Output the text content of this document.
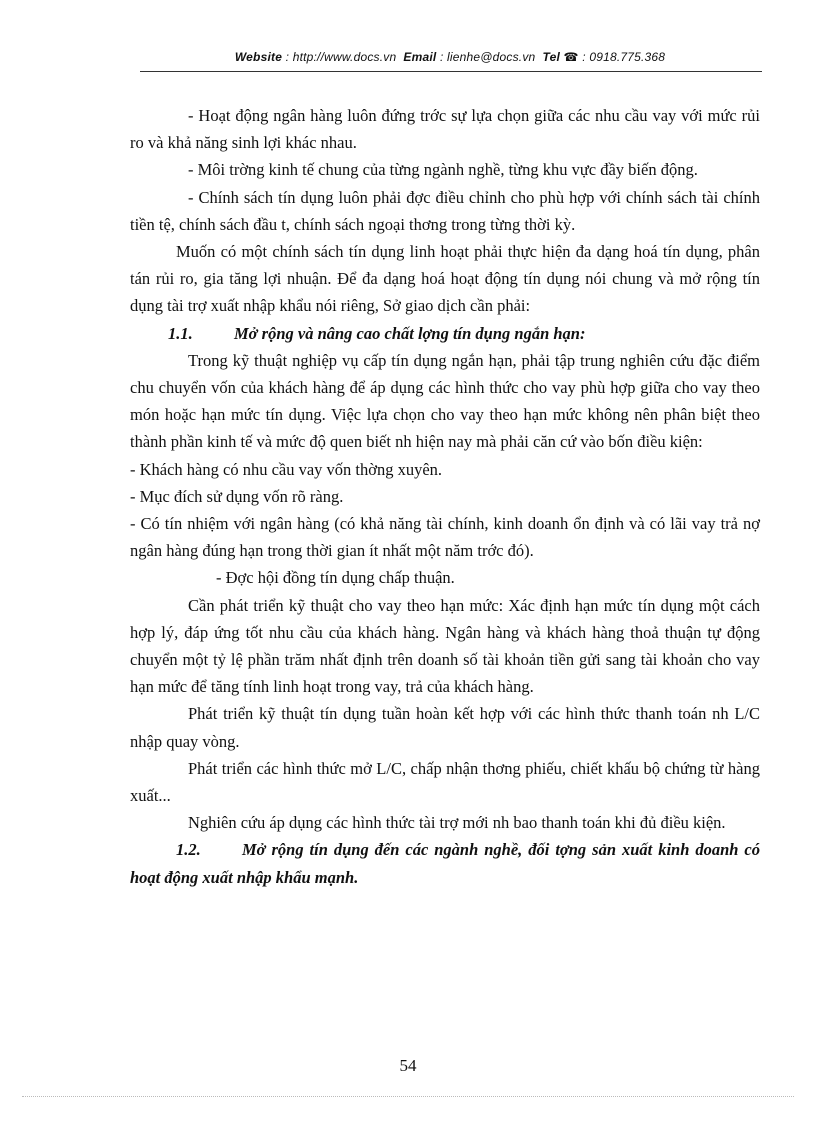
Website : http://www.docs.vn Email : lienhe@docs.vn Tel ☎ : 0918.775.368

- Hoạt động ngân hàng luôn đứng trớc sự lựa chọn giữa các nhu cầu vay với mức rủi ro và khả năng sinh lợi khác nhau.

- Môi trờng kinh tế chung của từng ngành nghề, từng khu vực đầy biến động.

- Chính sách tín dụng luôn phải đợc điều chỉnh cho phù hợp với chính sách tài chính tiền tệ, chính sách đầu t, chính sách ngoại thơng trong từng thời kỳ.

Muốn có một chính sách tín dụng linh hoạt phải thực hiện đa dạng hoá tín dụng, phân tán rủi ro, gia tăng lợi nhuận. Để đa dạng hoá hoạt động tín dụng nói chung và mở rộng tín dụng tài trợ xuất nhập khẩu nói riêng, Sở giao dịch cần phải:

1.1.	Mở rộng và nâng cao chất lợng tín dụng ngắn hạn:

Trong kỹ thuật nghiệp vụ cấp tín dụng ngắn hạn, phải tập trung nghiên cứu đặc điểm chu chuyển vốn của khách hàng để áp dụng các hình thức cho vay phù hợp giữa cho vay theo món hoặc hạn mức tín dụng. Việc lựa chọn cho vay theo hạn mức không nên phân biệt theo thành phần kinh tế và mức độ quen biết nh hiện nay mà phải căn cứ vào bốn điều kiện:

- Khách hàng có nhu cầu vay vốn thờng xuyên.

- Mục đích sử dụng vốn rõ ràng.

- Có tín nhiệm với ngân hàng (có khả năng tài chính, kinh doanh ổn định và có lãi vay trả nợ ngân hàng đúng hạn trong thời gian ít nhất một năm trớc đó).

- Đợc hội đồng tín dụng chấp thuận.

Cần phát triển kỹ thuật cho vay theo hạn mức: Xác định hạn mức tín dụng một cách hợp lý, đáp ứng tốt nhu cầu của khách hàng. Ngân hàng và khách hàng thoả thuận tự động chuyển một tỷ lệ phần trăm nhất định trên doanh số tài khoản tiền gửi sang tài khoản cho vay hạn mức để tăng tính linh hoạt trong vay, trả của khách hàng.

Phát triển kỹ thuật tín dụng tuần hoàn kết hợp với các hình thức thanh toán nh L/C nhập quay vòng.

Phát triển các hình thức mở L/C, chấp nhận thơng phiếu, chiết khấu bộ chứng từ hàng xuất...

Nghiên cứu áp dụng các hình thức tài trợ mới nh bao thanh toán khi đủ điều kiện.

1.2.	Mở rộng tín dụng đến các ngành nghề, đối tợng sản xuất kinh doanh có hoạt động xuất nhập khẩu mạnh.

54
